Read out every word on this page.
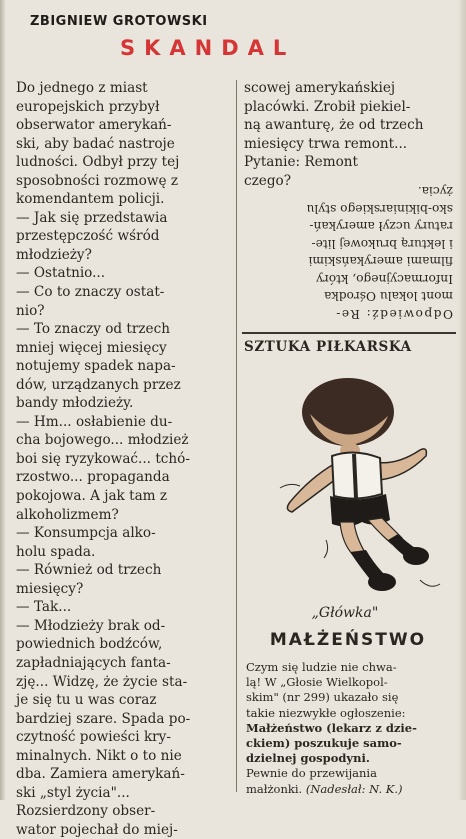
ZBIGNIEW GROTOWSKI
SKANDAL
Do jednego z miast
europejskich przybył
obserwator amerykań-
ski, aby badać nastroje
ludności. Odbył przy tej
sposobności rozmowę z
komendantem policji.
— Jak się przedstawia
przestępczość wśród
młodzieży?
— Ostatnio...
— Co to znaczy ostat-
nio?
— To znaczy od trzech
mniej więcej miesięcy
notujemy spadek napa-
dów, urządzanych przez
bandy młodzieży.
— Hm... osłabienie du-
cha bojowego... młodzież
boi się ryzykować... tchó-
rzostwo... propaganda
pokojowa. A jak tam z
alkoholizmem?
— Konsumpcja alko-
holu spada.
— Również od trzech
miesięcy?
— Tak...
— Młodzieży brak od-
powiednich bodźców,
zapładniających fanta-
zję... Widzę, że życie sta-
je się tu u was coraz
bardziej szare. Spada po-
czytność powieści kry-
minalnych. Nikt o to nie
dba. Zamiera amerykań-
ski „styl życia"...
Rozsierdzony obser-
wator pojechał do miej-
scowej amerykańskiej
placówki. Zrobił piekiel-
ną awanturę, że od trzech
miesięcy trwa remont...
Pytanie: Remont
czego?
Odpowiedź: Re-
mont lokalu Ośrodka
Informacyjnego, który
filmami amerykańskimi
i lekturą brukowej lite-
ratury uczył amerykań-
sko-bikiniarskiego stylu
życia.
SZTUKA PIŁKARSKA
„Główka"
MAŁŻEŃSTWO
Czym się ludzie nie chwa-
lą! W „Głosie Wielkopol-
skim" (nr 299) ukazało się
takie niezwykłe ogłoszenie:
Małżeństwo (lekarz z dzie-
ckiem) poszukuje samo-
dzielnej gospodyni.
Pewnie do przewijania
małżonki. (Nadesłał: N. K.)
